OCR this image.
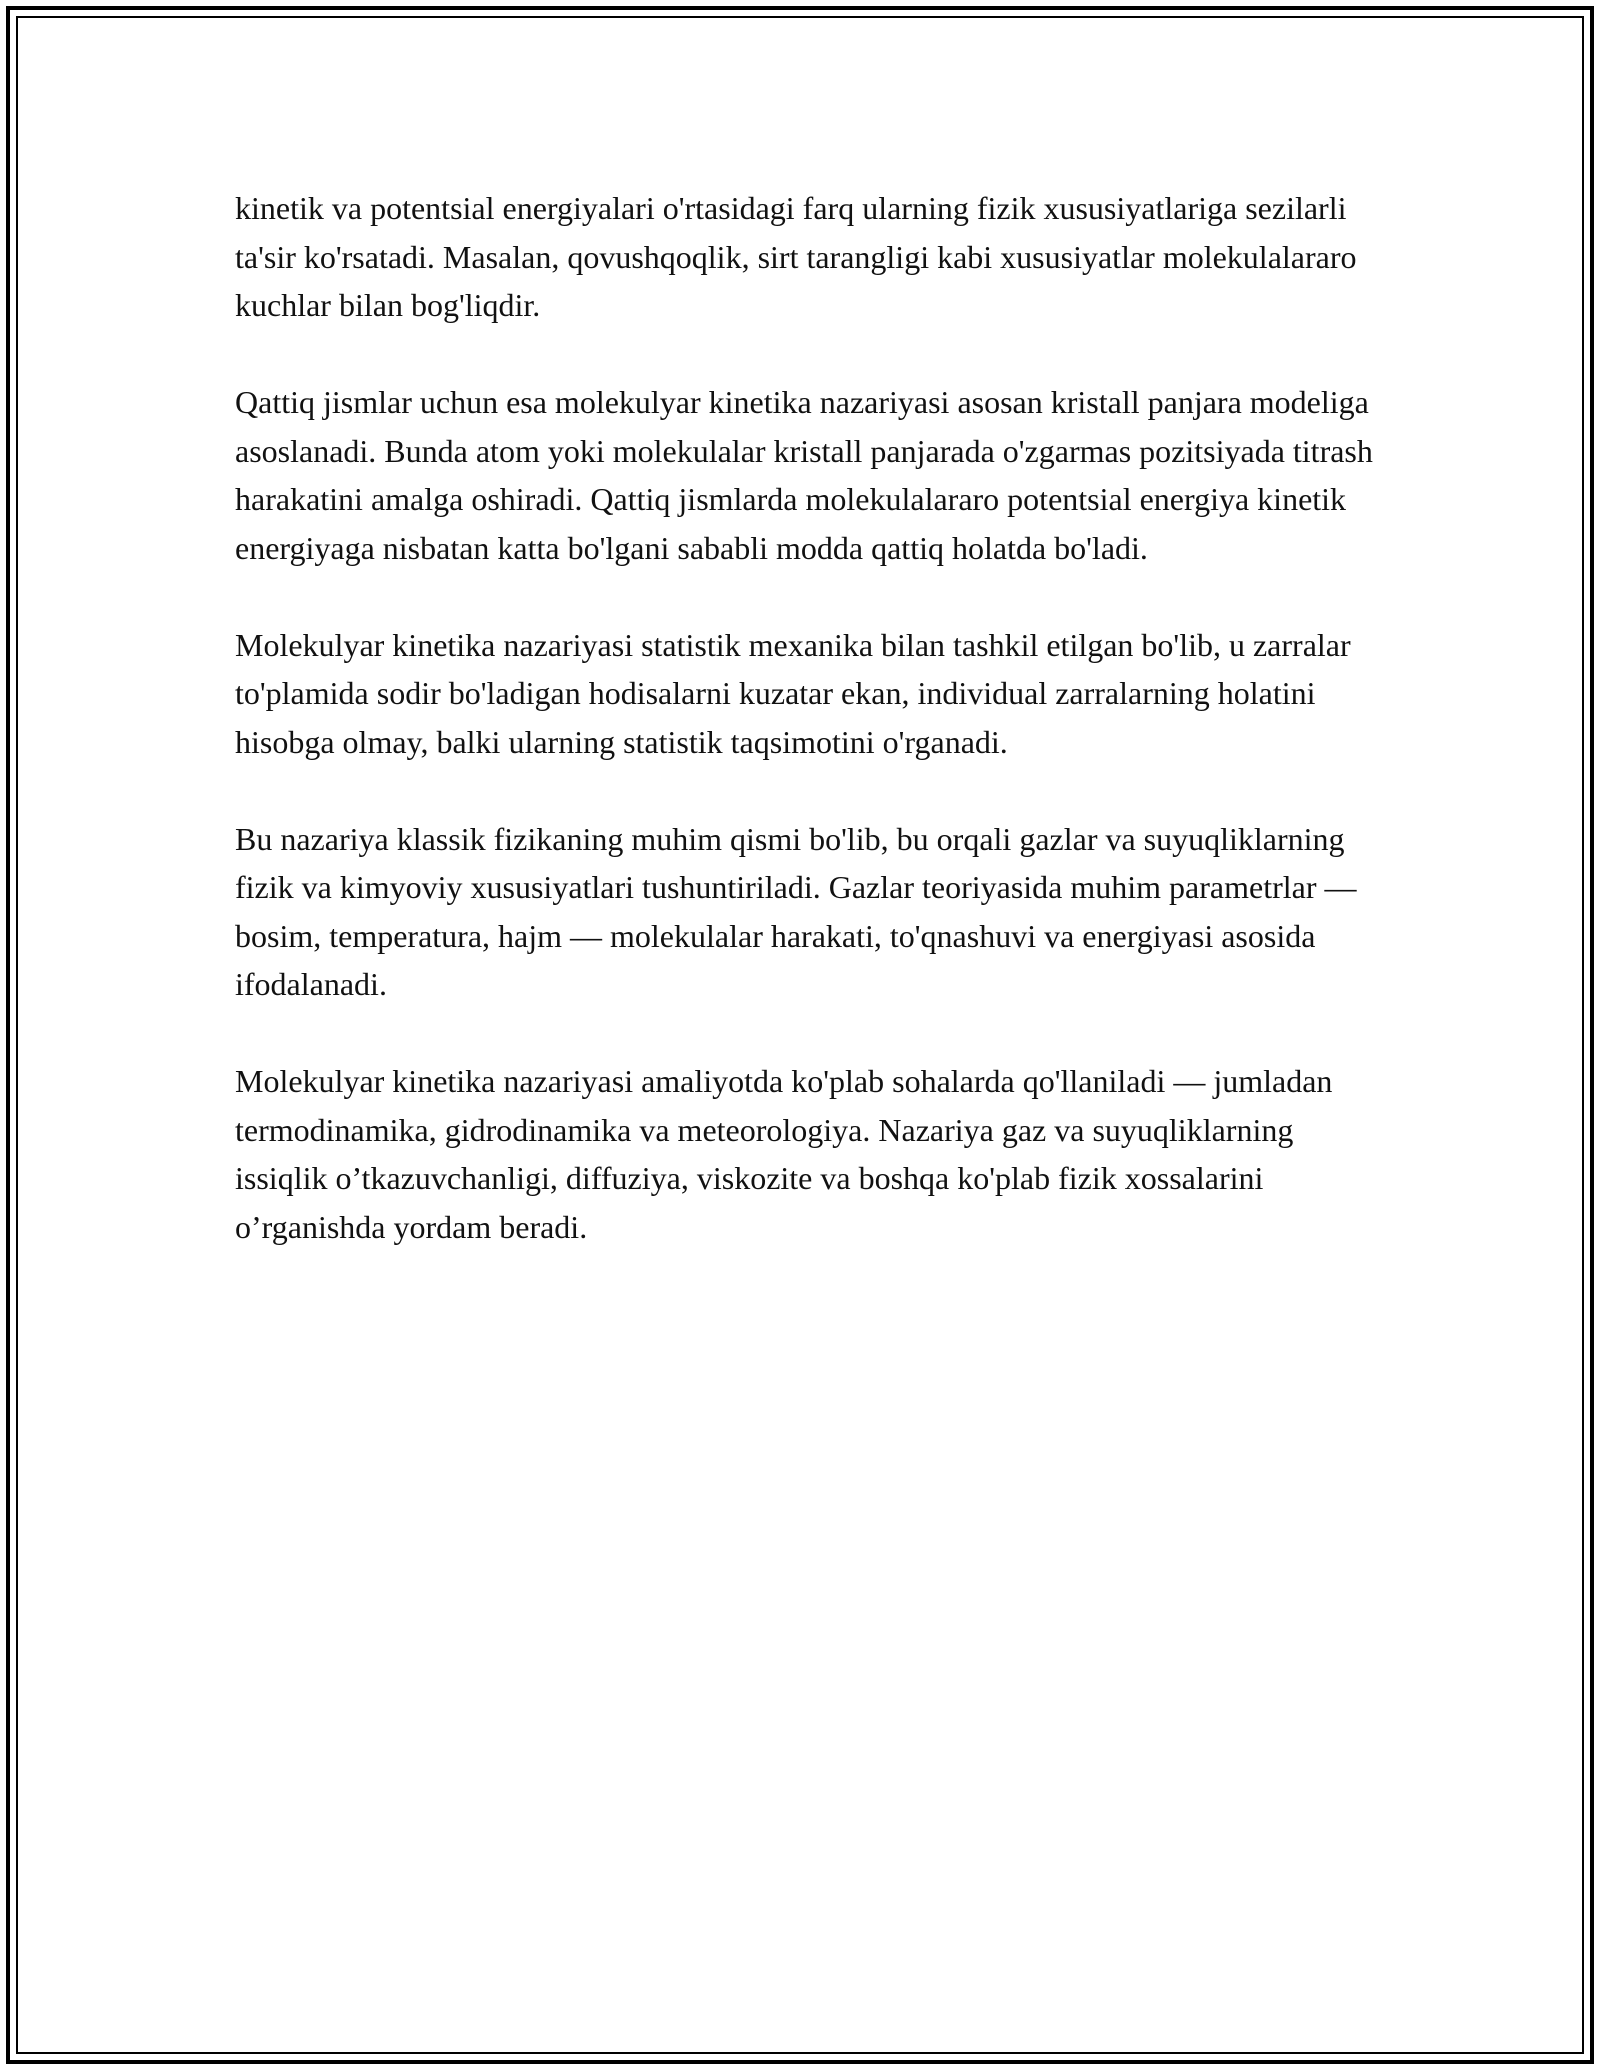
kinetik va potentsial energiyalari o'rtasidagi farq ularning fizik xususiyatlariga sezilarli ta'sir ko'rsatadi. Masalan, qovushqoqlik, sirt tarangligi kabi xususiyatlar molekulalararo kuchlar bilan bog'liqdir.

Qattiq jismlar uchun esa molekulyar kinetika nazariyasi asosan kristall panjara modeliga asoslanadi. Bunda atom yoki molekulalar kristall panjarada o'zgarmas pozitsiyada titrash harakatini amalga oshiradi. Qattiq jismlarda molekulalararo potentsial energiya kinetik energiyaga nisbatan katta bo'lgani sababli modda qattiq holatda bo'ladi.

Molekulyar kinetika nazariyasi statistik mexanika bilan tashkil etilgan bo'lib, u zarralar to'plamida sodir bo'ladigan hodisalarni kuzatar ekan, individual zarralarning holatini hisobga olmay, balki ularning statistik taqsimotini o'rganadi.

Bu nazariya klassik fizikaning muhim qismi bo'lib, bu orqali gazlar va suyuqliklarning fizik va kimyoviy xususiyatlari tushuntiriladi. Gazlar teoriyasida muhim parametrlar — bosim, temperatura, hajm — molekulalar harakati, to'qnashuvi va energiyasi asosida ifodalanadi.

Molekulyar kinetika nazariyasi amaliyotda ko'plab sohalarda qo'llaniladi — jumladan termodinamika, gidrodinamika va meteorologiya. Nazariya gaz va suyuqliklarning issiqlik o’tkazuvchanligi, diffuziya, viskozite va boshqa ko'plab fizik xossalarini o’rganishda yordam beradi.
